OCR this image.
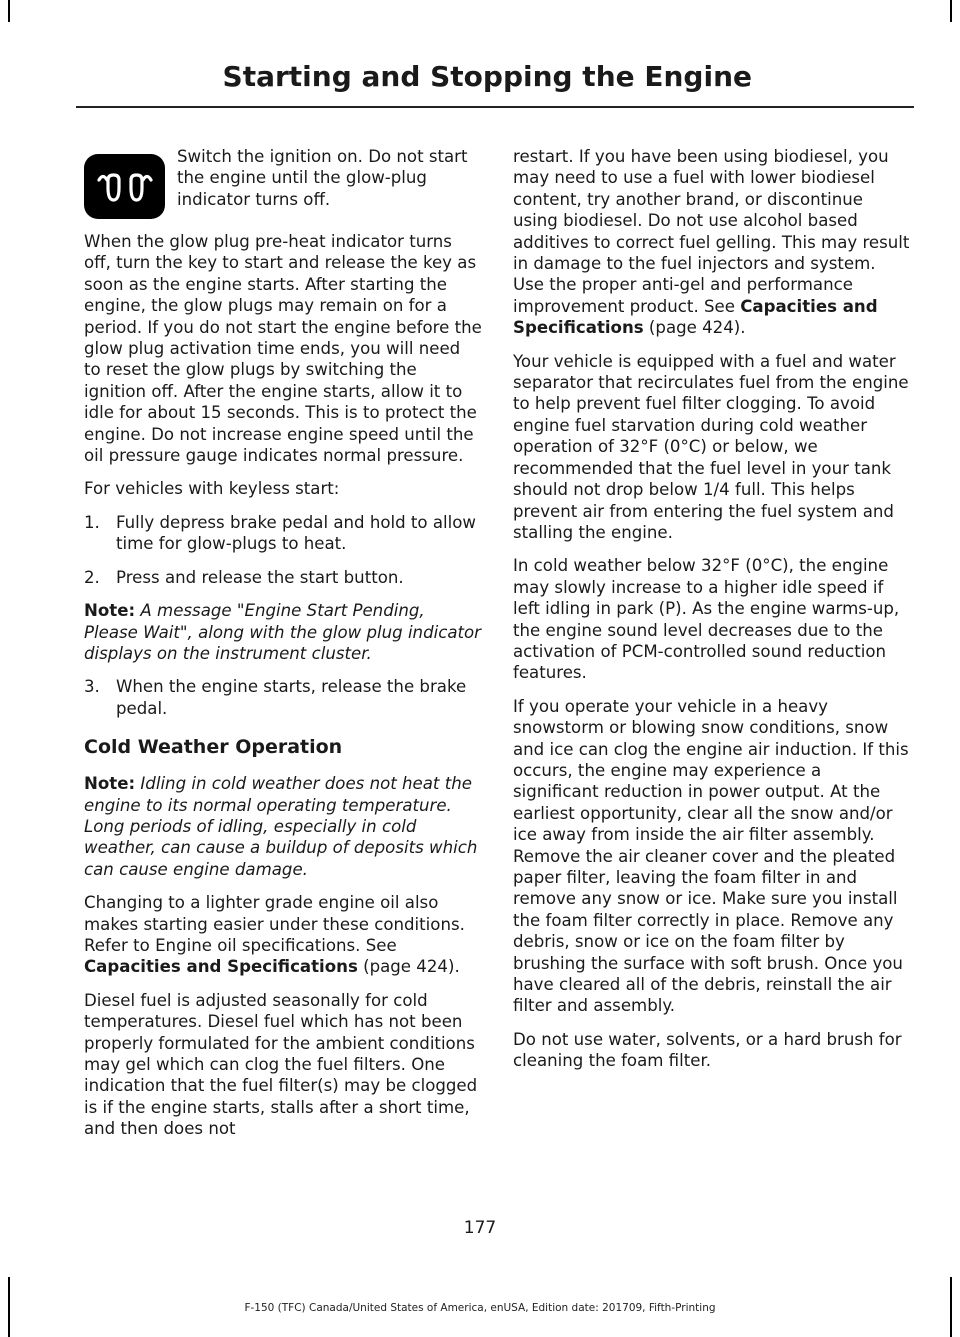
Starting and Stopping the Engine
Switch the ignition on. Do not start the engine until the glow-plug indicator turns off.

When the glow plug pre-heat indicator turns off, turn the key to start and release the key as soon as the engine starts. After starting the engine, the glow plugs may remain on for a period. If you do not start the engine before the glow plug activation time ends, you will need to reset the glow plugs by switching the ignition off. After the engine starts, allow it to idle for about 15 seconds. This is to protect the engine. Do not increase engine speed until the oil pressure gauge indicates normal pressure.

For vehicles with keyless start:

1. Fully depress brake pedal and hold to allow time for glow-plugs to heat.
2. Press and release the start button.

Note: A message "Engine Start Pending, Please Wait", along with the glow plug indicator displays on the instrument cluster.

3. When the engine starts, release the brake pedal.
Cold Weather Operation

Note: Idling in cold weather does not heat the engine to its normal operating temperature. Long periods of idling, especially in cold weather, can cause a buildup of deposits which can cause engine damage.

Changing to a lighter grade engine oil also makes starting easier under these conditions. Refer to Engine oil specifications. See Capacities and Specifications (page 424).

Diesel fuel is adjusted seasonally for cold temperatures. Diesel fuel which has not been properly formulated for the ambient conditions may gel which can clog the fuel filters. One indication that the fuel filter(s) may be clogged is if the engine starts, stalls after a short time, and then does not

restart. If you have been using biodiesel, you may need to use a fuel with lower biodiesel content, try another brand, or discontinue using biodiesel. Do not use alcohol based additives to correct fuel gelling. This may result in damage to the fuel injectors and system. Use the proper anti-gel and performance improvement product. See Capacities and Specifications (page 424).

Your vehicle is equipped with a fuel and water separator that recirculates fuel from the engine to help prevent fuel filter clogging. To avoid engine fuel starvation during cold weather operation of 32°F (0°C) or below, we recommended that the fuel level in your tank should not drop below 1/4 full. This helps prevent air from entering the fuel system and stalling the engine.

In cold weather below 32°F (0°C), the engine may slowly increase to a higher idle speed if left idling in park (P). As the engine warms-up, the engine sound level decreases due to the activation of PCM-controlled sound reduction features.

If you operate your vehicle in a heavy snowstorm or blowing snow conditions, snow and ice can clog the engine air induction. If this occurs, the engine may experience a significant reduction in power output. At the earliest opportunity, clear all the snow and/or ice away from inside the air filter assembly. Remove the air cleaner cover and the pleated paper filter, leaving the foam filter in and remove any snow or ice. Make sure you install the foam filter correctly in place. Remove any debris, snow or ice on the foam filter by brushing the surface with soft brush. Once you have cleared all of the debris, reinstall the air filter and assembly.

Do not use water, solvents, or a hard brush for cleaning the foam filter.

177
F-150 (TFC) Canada/United States of America, enUSA, Edition date: 201709, Fifth-Printing
